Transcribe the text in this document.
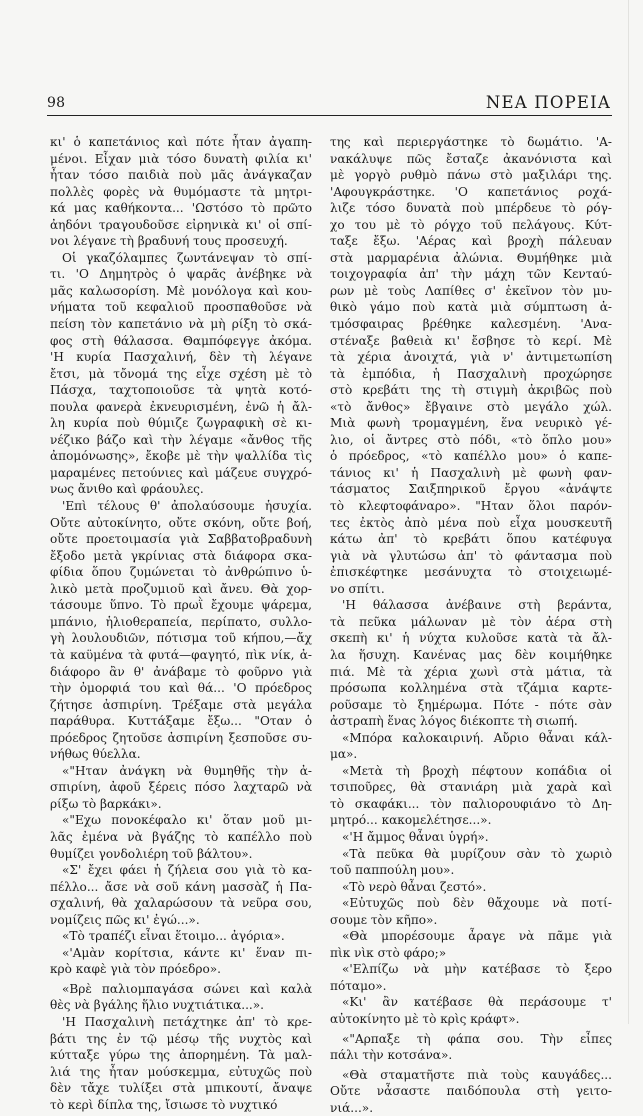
98	ΝΕΑ ΠΟΡΕΙΑ
κι' ὁ καπετάνιος καὶ πότε ἦταν ἀγαπη-
μένοι. Εἶχαν μιὰ τόσο δυνατὴ φιλία κι'
ἦταν τόσο παιδιὰ ποὺ μᾶς ἀνάγκαζαν
πολλὲς φορὲς νὰ θυμόμαστε τὰ μητρι-
κά μας καθήκοντα... 'Ωστόσο τὸ πρῶτο
ἀηδόνι τραγουδοῦσε εἰρηνικὰ κι' οἱ σπί-
νοι λέγανε τὴ βραδυνή τους προσευχή.
Οἱ γκαζόλαμπες ζωντάνεψαν τὸ σπί-
τι. 'Ο Δημητρὸς ὁ ψαρᾶς ἀνέβηκε νὰ
μᾶς καλωσορίση. Μὲ μονόλογα καὶ κου-
νήματα τοῦ κεφαλιοῦ προσπαθοῦσε νὰ
πείση τὸν καπετάνιο νὰ μὴ ρίξη τὸ σκά-
φος στὴ θάλασσα. Θαμπόφεγγε ἀκόμα.
'Η κυρία Πασχαλινή, δὲν τὴ λέγανε
ἔτσι, μὰ τὄνομά της εἶχε σχέση μὲ τὸ
Πάσχα, ταχτοποιοῦσε τὰ ψητὰ κοτό-
πουλα φανερὰ ἐκνευρισμένη, ἐνῶ ἡ ἄλ-
λη κυρία ποὺ θύμιζε ζωγραφικὴ σὲ κι-
νέζικο βάζο καὶ τὴν λέγαμε «ἄνθος τῆς
ἀπομόνωσης», ἔκοβε μὲ τὴν ψαλλίδα τὶς
μαραμένες πετούνιες καὶ μάζευε συγχρό-
νως ἄνιθο καὶ φράουλες.
'Επὶ τέλους θ' ἀπολαύσουμε ἡσυχία.
Οὔτε αὐτοκίνητο, οὔτε σκόνη, οὔτε βοή,
οὔτε προετοιμασία γιὰ Σαββατοβραδυνὴ
ἔξοδο μετὰ γκρίνιας στὰ διάφορα σκα-
φίδια ὅπου ζυμώνεται τὸ ἀνθρώπινο ὑ-
λικὸ μετὰ προζυμιοῦ καὶ ἄνευ. Θὰ χορ-
τάσουμε ὕπνο. Τὸ πρωῒ ἔχουμε ψάρεμα,
μπάνιο, ἡλιοθεραπεία, περίπατο, συλλο-
γὴ λουλουδιῶν, πότισμα τοῦ κήπου,—ἄχ
τὰ καϋμένα τὰ φυτά—φαγητό, πὶκ νίκ, ἀ-
διάφορο ἂν θ' ἀνάβαμε τὸ φοῦρνο γιὰ
τὴν ὀμορφιά του καὶ θά... 'Ο πρόεδρος
ζήτησε ἀσπιρίνη. Τρέξαμε στὰ μεγάλα
παράθυρα. Κυττάξαμε ἔξω... "Οταν ὁ
πρόεδρος ζητοῦσε ἀσπιρίνη ξεσποῦσε συ-
νήθως θύελλα.
«"Ηταν ἀνάγκη νὰ θυμηθῆς τὴν ἀ-
σπιρίνη, ἀφοῦ ξέρεις πόσο λαχταρῶ νὰ
ρίξω τὸ βαρκάκι».
«"Εχω πονοκέφαλο κι' ὅταν μοῦ μι-
λᾶς ἐμένα νὰ βγάζης τὸ καπέλλο ποὺ
θυμίζει γονδολιέρη τοῦ βάλτου».
«Σ' ἔχει φάει ἡ ζήλεια σου γιὰ τὸ κα-
πέλλο... ἄσε νὰ σοῦ κάνη μασσὰζ ἡ Πα-
σχαλινή, θὰ χαλαρώσουν τὰ νεῦρα σου,
νομίζεις πῶς κι' ἐγώ...».
«Τὸ τραπέζι εἶναι ἕτοιμο... ἀγόρια».
«'Αμὰν κορίτσια, κάντε κι' ἕναν πι-
κρὸ καφὲ γιὰ τὸν πρόεδρο».
«Βρὲ παλιομπαγάσα σώνει καὶ καλὰ
θὲς νὰ βγάλης ἥλιο νυχτιάτικα...».
'Η Πασχαλινὴ πετάχτηκε ἀπ' τὸ κρε-
βάτι της ἐν τῷ μέσῳ τῆς νυχτὸς καὶ
κύτταξε γύρω της ἀπορημένη. Τὰ μαλ-
λιά της ἦταν μούσκεμμα, εὐτυχῶς ποὺ
δὲν τἄχε τυλίξει στὰ μπικουτί, ἄναψε
τὸ κερὶ δίπλα της, ἴσιωσε τὸ νυχτικό
της καὶ περιεργάστηκε τὸ δωμάτιο. 'Α-
νακάλυψε πῶς ἔσταζε ἀκανόνιστα καὶ
μὲ γοργὸ ρυθμὸ πάνω στὸ μαξιλάρι της.
'Αφουγκράστηκε. 'Ο καπετάνιος ροχά-
λιζε τόσο δυνατὰ ποὺ μπέρδευε τὸ ρόγ-
χο του μὲ τὸ ρόγχο τοῦ πελάγους. Κύτ-
ταξε ἔξω. 'Αέρας καὶ βροχὴ πάλευαν
στὰ μαρμαρένια ἀλώνια. Θυμήθηκε μιὰ
τοιχογραφία ἀπ' τὴν μάχη τῶν Κενταύ-
ρων μὲ τοὺς Λαπίθες σ' ἐκεῖνον τὸν μυ-
θικὸ γάμο ποὺ κατὰ μιὰ σύμπτωση ἀ-
τμόσφαιρας βρέθηκε καλεσμένη. 'Ανα-
στέναξε βαθειὰ κι' ἔσβησε τὸ κερί. Μὲ
τὰ χέρια ἀνοιχτά, γιὰ ν' ἀντιμετωπίση
τὰ ἐμπόδια, ἡ Πασχαλινὴ προχώρησε
στὸ κρεβάτι της τὴ στιγμὴ ἀκριβῶς ποὺ
«τὸ ἄνθος» ἔβγαινε στὸ μεγάλο χώλ.
Μιὰ φωνὴ τρομαγμένη, ἕνα νευρικὸ γέ-
λιο, οἱ ἄντρες στὸ πόδι, «τὸ ὅπλο μου»
ὁ πρόεδρος, «τὸ καπέλλο μου» ὁ καπε-
τάνιος κι' ἡ Πασχαλινὴ μὲ φωνὴ φαν-
τάσματος Σαιξπηρικοῦ ἔργου «ἀνάψτε
τὸ κλεφτοφάναρο». "Ηταν ὅλοι παρόν-
τες ἐκτὸς ἀπὸ μένα ποὺ εἶχα μουσκευτῆ
κάτω ἀπ' τὸ κρεβάτι ὅπου κατέφυγα
γιὰ νὰ γλυτώσω ἀπ' τὸ φάντασμα ποὺ
ἐπισκέφτηκε μεσάνυχτα τὸ στοιχειωμέ-
νο σπίτι.
'Η θάλασσα ἀνέβαινε στὴ βεράντα,
τὰ πεῦκα μάλωναν μὲ τὸν ἀέρα στὴ
σκεπὴ κι' ἡ νύχτα κυλοῦσε κατὰ τὰ ἄλ-
λα ἥσυχη. Κανένας μας δὲν κοιμήθηκε
πιά. Μὲ τὰ χέρια χωνὶ στὰ μάτια, τὰ
πρόσωπα κολλημένα στὰ τζάμια καρτε-
ροῦσαμε τὸ ξημέρωμα. Πότε - πότε σὰν
ἀστραπὴ ἕνας λόγος διέκοπτε τὴ σιωπή.
«Μπόρα καλοκαιρινή. Αὔριο θἆναι κάλ-
μα».
«Μετὰ τὴ βροχὴ πέφτουν κοπάδια οἱ
τσιποῦρες, θὰ στανιάρη μιὰ χαρὰ καὶ
τὸ σκαφάκι... τὸν παλιορουφιάνο τὸ Δη-
μητρό... κακομελέτησε...».
«'Η ἄμμος θἆναι ὑγρή».
«Τὰ πεῦκα θὰ μυρίζουν σὰν τὸ χωριὸ
τοῦ παππούλη μου».
«Τὸ νερὸ θἆναι ζεστό».
«Εὐτυχῶς ποὺ δὲν θἄχουμε νὰ ποτί-
σουμε τὸν κῆπο».
«Θὰ μπορέσουμε ἆραγε νὰ πᾶμε γιὰ
πὶκ νὶκ στὸ φάρο;»
«'Ελπίζω νὰ μὴν κατέβασε τὸ ξερο
πόταμο».
«Κι' ἂν κατέβασε θὰ περάσουμε τ'
αὐτοκίνητο μὲ τὸ κρὶς κράφτ».
«"Αρπαξε τὴ φάπα σου. Τὴν εἶπες
πάλι τὴν κοτσάνα».
«Θὰ σταματῆστε πιὰ τοὺς καυγάδες...
Οὔτε νἆσαστε παιδόπουλα στὴ γειτο-
νιά...».
